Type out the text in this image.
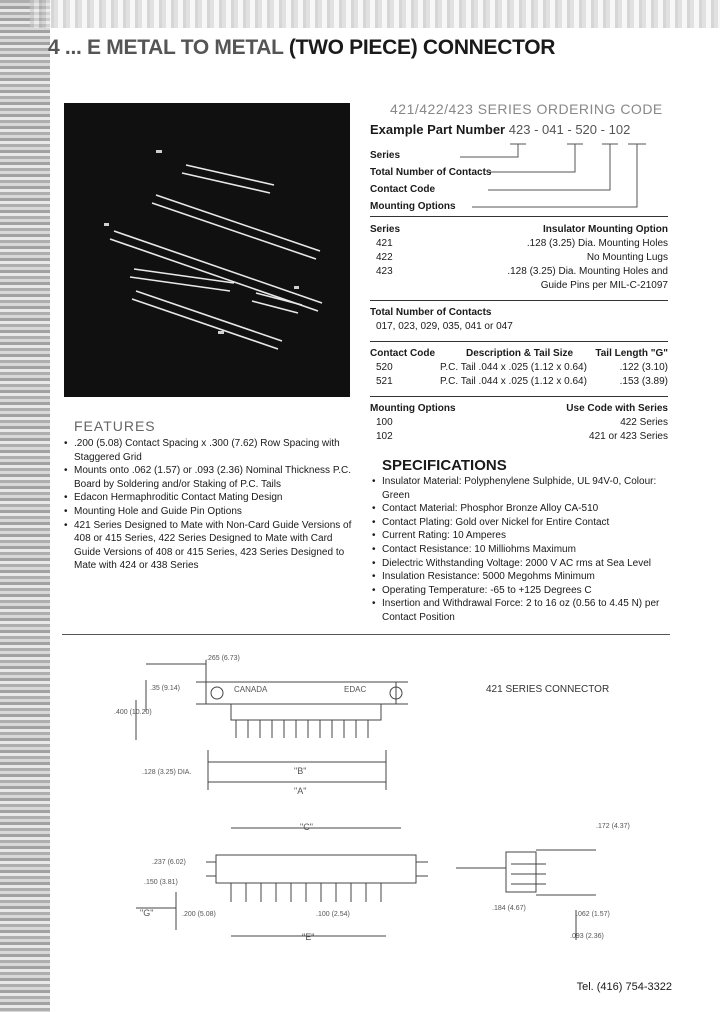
4 ... E METAL TO METAL (TWO PIECE) CONNECTOR
421/422/423 SERIES ORDERING CODE
Example Part Number 423 - 041 - 520 - 102
Series
Total Number of Contacts
Contact Code
Mounting Options
Series	Insulator Mounting Option
421	.128 (3.25) Dia. Mounting Holes
422	No Mounting Lugs
423	.128 (3.25) Dia. Mounting Holes and
Guide Pins per MIL-C-21097
Total Number of Contacts
017, 023, 029, 035, 041 or 047
Contact Code	Description & Tail Size Tail Length "G"
520	P.C. Tail .044 x .025 (1.12 x 0.64)	.122 (3.10)
521	P.C. Tail .044 x .025 (1.12 x 0.64)	.153 (3.89)
Mounting Options	Use Code with Series
100	422 Series
102	421 or 423 Series
FEATURES
• .200 (5.08) Contact Spacing x .300 (7.62) Row Spacing with Staggered Grid
• Mounts onto .062 (1.57) or .093 (2.36) Nominal Thickness P.C. Board by Soldering and/or Staking of P.C. Tails
• Edacon Hermaphroditic Contact Mating Design
• Mounting Hole and Guide Pin Options
• 421 Series Designed to Mate with Non-Card Guide Versions of 408 or 415 Series, 422 Series Designed to Mate with Card Guide Versions of 408 or 415 Series, 423 Series Designed to Mate with 424 or 438 Series
SPECIFICATIONS
• Insulator Material: Polyphenylene Sulphide, UL 94V-0, Colour: Green
• Contact Material: Phosphor Bronze Alloy CA-510
• Contact Plating: Gold over Nickel for Entire Contact
• Current Rating: 10 Amperes
• Contact Resistance: 10 Milliohms Maximum
• Dielectric Withstanding Voltage: 2000 V AC rms at Sea Level
• Insulation Resistance: 5000 Megohms Minimum
• Operating Temperature: -65 to +125 Degrees C
• Insertion and Withdrawal Force: 2 to 16 oz (0.56 to 4.45 N) per Contact Position
421 SERIES CONNECTOR
CANADA	EDAC
.265 (6.73)
.35 (9.14)
.400 (10.20)
.128 (3.25) DIA.	"B"
"A"
"C"	.172 (4.37)
.237 (6.02)
.150 (3.81)
"G"	.200 (5.08)	.100 (2.54)
"E"
.184 (4.67)
.062 (1.57)
.093 (2.36)
Tel. (416) 754-3322
